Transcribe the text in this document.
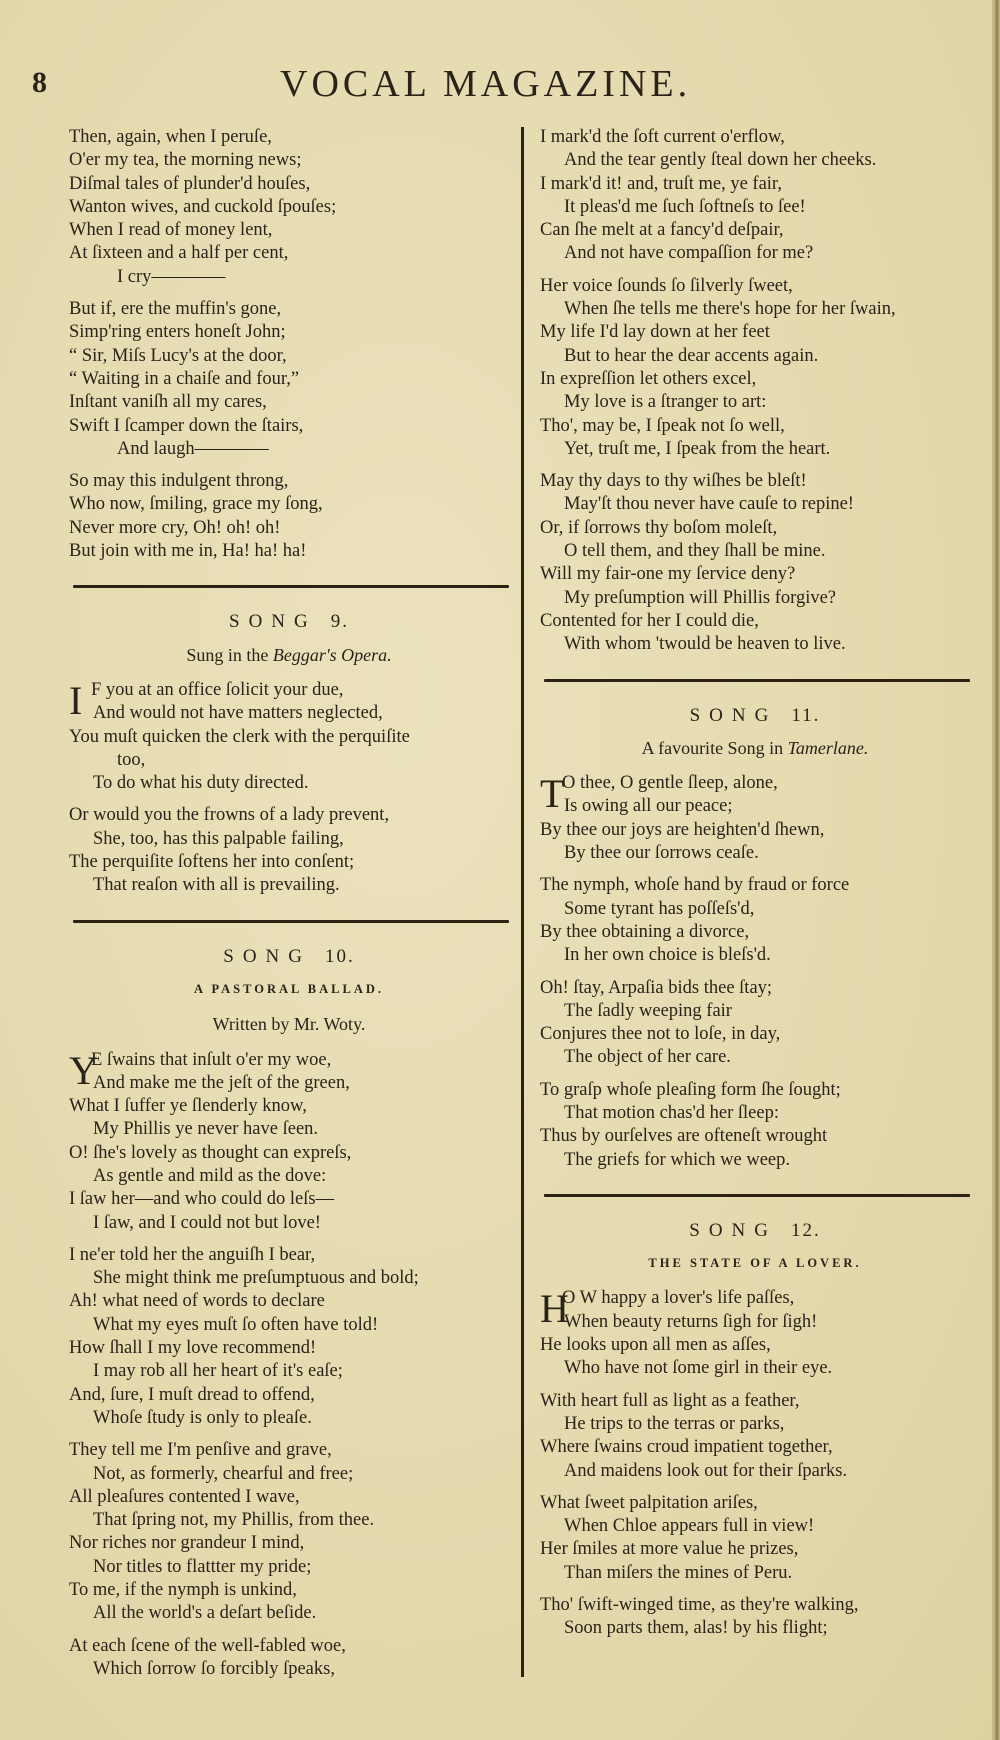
8	VOCAL MAGAZINE.
Then, again, when I peruſe,
O'er my tea, the morning news;
Diſmal tales of plunder'd houſes,
Wanton wives, and cuckold ſpouſes;
When I read of money lent,
At ſixteen and a half per cent,
I cry————
But if, ere the muffin's gone,
Simp'ring enters honeſt John;
“ Sir, Miſs Lucy's at the door,
“ Waiting in a chaiſe and four,”
Inſtant vaniſh all my cares,
Swift I ſcamper down the ſtairs,
And laugh————
So may this indulgent throng,
Who now, ſmiling, grace my ſong,
Never more cry, Oh! oh! oh!
But join with me in, Ha! ha! ha!
SONG 9.
Sung in the Beggar's Opera.
I F you at an office ſolicit your due,
And would not have matters neglected,
You muſt quicken the clerk with the perquiſite
too,
To do what his duty directed.
Or would you the frowns of a lady prevent,
She, too, has this palpable failing,
The perquiſite ſoftens her into conſent;
That reaſon with all is prevailing.
SONG 10.
A PASTORAL BALLAD.
Written by Mr. Woty.
Y
E ſwains that inſult o'er my woe,
And make me the jeſt of the green,
What I ſuffer ye ſlenderly know,
My Phillis ye never have ſeen.
O! ſhe's lovely as thought can expreſs,
As gentle and mild as the dove:
I ſaw her—and who could do leſs—
I ſaw, and I could not but love!
I ne'er told her the anguiſh I bear,
She might think me preſumptuous and bold;
Ah! what need of words to declare
What my eyes muſt ſo often have told!
How ſhall I my love recommend!
I may rob all her heart of it's eaſe;
And, ſure, I muſt dread to offend,
Whoſe ſtudy is only to pleaſe.
They tell me I'm penſive and grave,
Not, as formerly, chearful and free;
All pleaſures contented I wave,
That ſpring not, my Phillis, from thee.
Nor riches nor grandeur I mind,
Nor titles to flattter my pride;
To me, if the nymph is unkind,
All the world's a deſart beſide.
At each ſcene of the well-fabled woe,
Which ſorrow ſo forcibly ſpeaks,
I mark'd the ſoft current o'erflow,
And the tear gently ſteal down her cheeks.
I mark'd it! and, truſt me, ye fair,
It pleas'd me ſuch ſoftneſs to ſee!
Can ſhe melt at a fancy'd deſpair,
And not have compaſſion for me?
Her voice ſounds ſo ſilverly ſweet,
When ſhe tells me there's hope for her ſwain,
My life I'd lay down at her feet
But to hear the dear accents again.
In expreſſion let others excel,
My love is a ſtranger to art:
Tho', may be, I ſpeak not ſo well,
Yet, truſt me, I ſpeak from the heart.
May thy days to thy wiſhes be bleſt!
May'ſt thou never have cauſe to repine!
Or, if ſorrows thy boſom moleſt,
O tell them, and they ſhall be mine.
Will my fair-one my ſervice deny?
My preſumption will Phillis forgive?
Contented for her I could die,
With whom 'twould be heaven to live.
SONG 11.
A favourite Song in Tamerlane.
T
O thee, O gentle ſleep, alone,
Is owing all our peace;
By thee our joys are heighten'd ſhewn,
By thee our ſorrows ceaſe.
The nymph, whoſe hand by fraud or force
Some tyrant has poſſeſs'd,
By thee obtaining a divorce,
In her own choice is bleſs'd.
Oh! ſtay, Arpaſia bids thee ſtay;
The ſadly weeping fair
Conjures thee not to loſe, in day,
The object of her care.
To graſp whoſe pleaſing form ſhe ſought;
That motion chas'd her ſleep:
Thus by ourſelves are ofteneſt wrought
The griefs for which we weep.
SONG 12.
THE STATE OF A LOVER.
H
O W happy a lover's life paſſes,
When beauty returns ſigh for ſigh!
He looks upon all men as aſſes,
Who have not ſome girl in their eye.
With heart full as light as a feather,
He trips to the terras or parks,
Where ſwains croud impatient together,
And maidens look out for their ſparks.
What ſweet palpitation ariſes,
When Chloe appears full in view!
Her ſmiles at more value he prizes,
Than miſers the mines of Peru.
Tho' ſwift-winged time, as they're walking,
Soon parts them, alas! by his flight;
